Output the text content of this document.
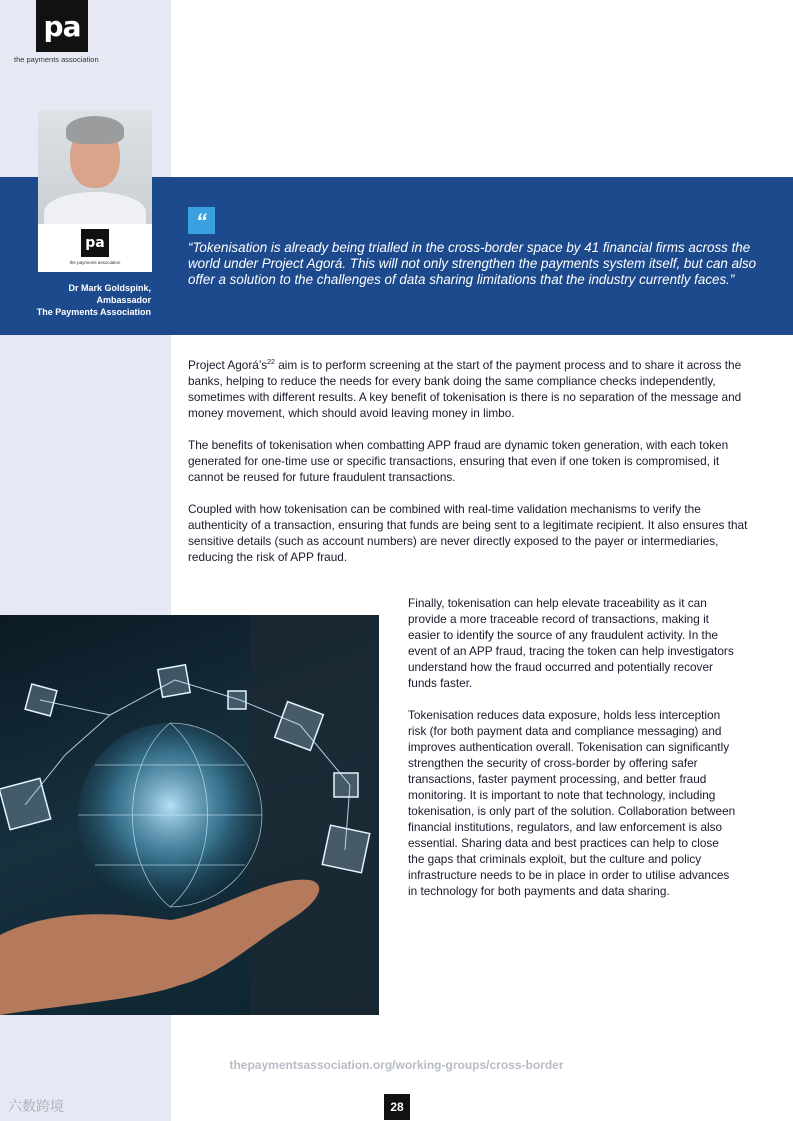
pa
the payments association
pa
the payments association
Dr Mark Goldspink,
Ambassador
The Payments Association
“
“Tokenisation is already being trialled in the cross-border space by 41 financial firms across the world under Project Agorá. This will not only strengthen the payments system itself, but can also offer a solution to the challenges of data sharing limitations that the industry currently faces.”

Project $Agorá’s^{22}$ aim is to perform screening at the start of the payment process and to share it across the banks, helping to reduce the needs for every bank doing the same compliance checks independently, sometimes with different results. A key benefit of tokenisation is there is no separation of the message and money movement, which should avoid leaving money in limbo.

The benefits of tokenisation when combatting APP fraud are dynamic token generation, with each token generated for one-time use or specific transactions, ensuring that even if one token is compromised, it cannot be reused for future fraudulent transactions.

Coupled with how tokenisation can be combined with real-time validation mechanisms to verify the authenticity of a transaction, ensuring that funds are being sent to a legitimate recipient. It also ensures that sensitive details (such as account numbers) are never directly exposed to the payer or intermediaries, reducing the risk of APP fraud.

Finally, tokenisation can help elevate traceability as it can provide a more traceable record of transactions, making it easier to identify the source of any fraudulent activity. In the event of an APP fraud, tracing the token can help investigators understand how the fraud occurred and potentially recover funds faster.

Tokenisation reduces data exposure, holds less interception risk (for both payment data and compliance messaging) and improves authentication overall. Tokenisation can significantly strengthen the security of cross-border by offering safer transactions, faster payment processing, and better fraud monitoring. It is important to note that technology, including tokenisation, is only part of the solution. Collaboration between financial institutions, regulators, and law enforcement is also essential. Sharing data and best practices can help to close the gaps that criminals exploit, but the culture and policy infrastructure needs to be in place in order to utilise advances in technology for both payments and data sharing.

thepaymentsassociation.org/working-groups/cross-border
28
六数跨境
